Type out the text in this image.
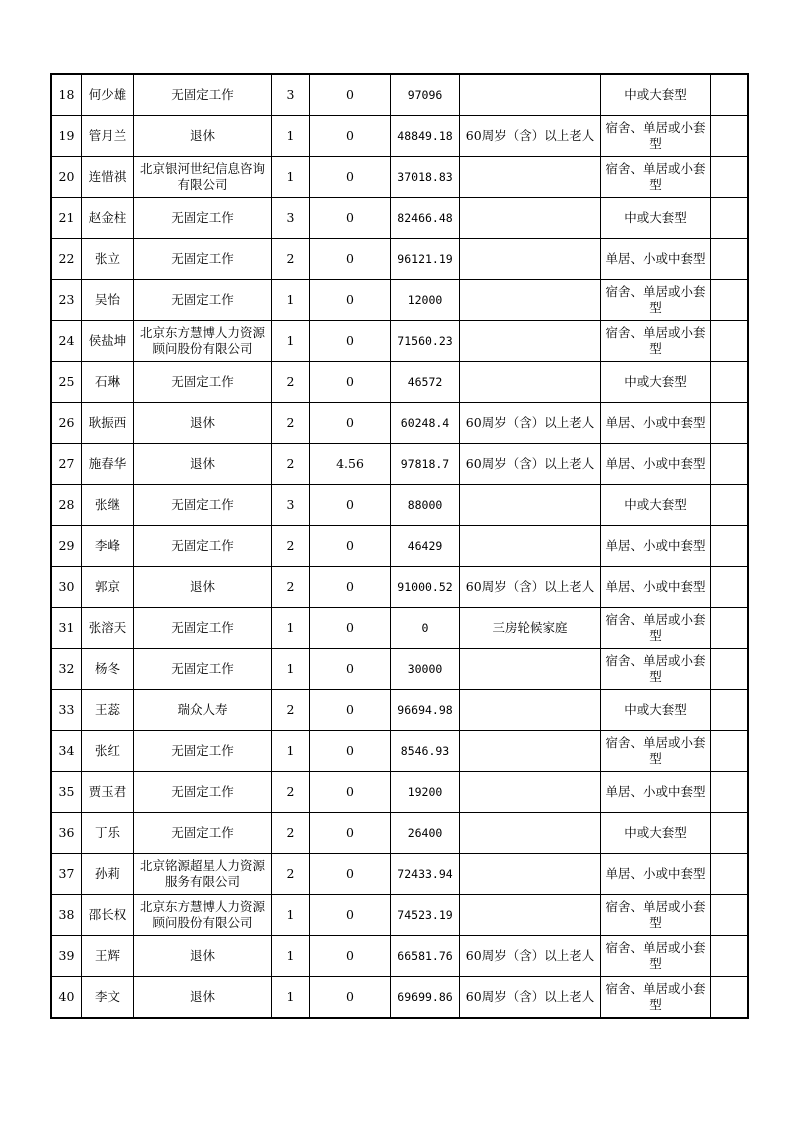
18	何少雄	无固定工作	3	0	97096		中或大套型	
19	管月兰	退休	1	0	48849.18	60周岁（含）以上老人	宿舍、单居或小套型	
20	连惜祺	北京银河世纪信息咨询有限公司	1	0	37018.83		宿舍、单居或小套型	
21	赵金柱	无固定工作	3	0	82466.48		中或大套型	
22	张立	无固定工作	2	0	96121.19		单居、小或中套型	
23	吴怡	无固定工作	1	0	12000		宿舍、单居或小套型	
24	侯盐坤	北京东方慧博人力资源顾问股份有限公司	1	0	71560.23		宿舍、单居或小套型	
25	石琳	无固定工作	2	0	46572		中或大套型	
26	耿振西	退休	2	0	60248.4	60周岁（含）以上老人	单居、小或中套型	
27	施春华	退休	2	4.56	97818.7	60周岁（含）以上老人	单居、小或中套型	
28	张继	无固定工作	3	0	88000		中或大套型	
29	李峰	无固定工作	2	0	46429		单居、小或中套型	
30	郭京	退休	2	0	91000.52	60周岁（含）以上老人	单居、小或中套型	
31	张溶天	无固定工作	1	0	0	三房轮候家庭	宿舍、单居或小套型	
32	杨冬	无固定工作	1	0	30000		宿舍、单居或小套型	
33	王蕊	瑞众人寿	2	0	96694.98		中或大套型	
34	张红	无固定工作	1	0	8546.93		宿舍、单居或小套型	
35	贾玉君	无固定工作	2	0	19200		单居、小或中套型	
36	丁乐	无固定工作	2	0	26400		中或大套型	
37	孙莉	北京铭源超星人力资源服务有限公司	2	0	72433.94		单居、小或中套型	
38	邵长权	北京东方慧博人力资源顾问股份有限公司	1	0	74523.19		宿舍、单居或小套型	
39	王辉	退休	1	0	66581.76	60周岁（含）以上老人	宿舍、单居或小套型	
40	李文	退休	1	0	69699.86	60周岁（含）以上老人	宿舍、单居或小套型	
